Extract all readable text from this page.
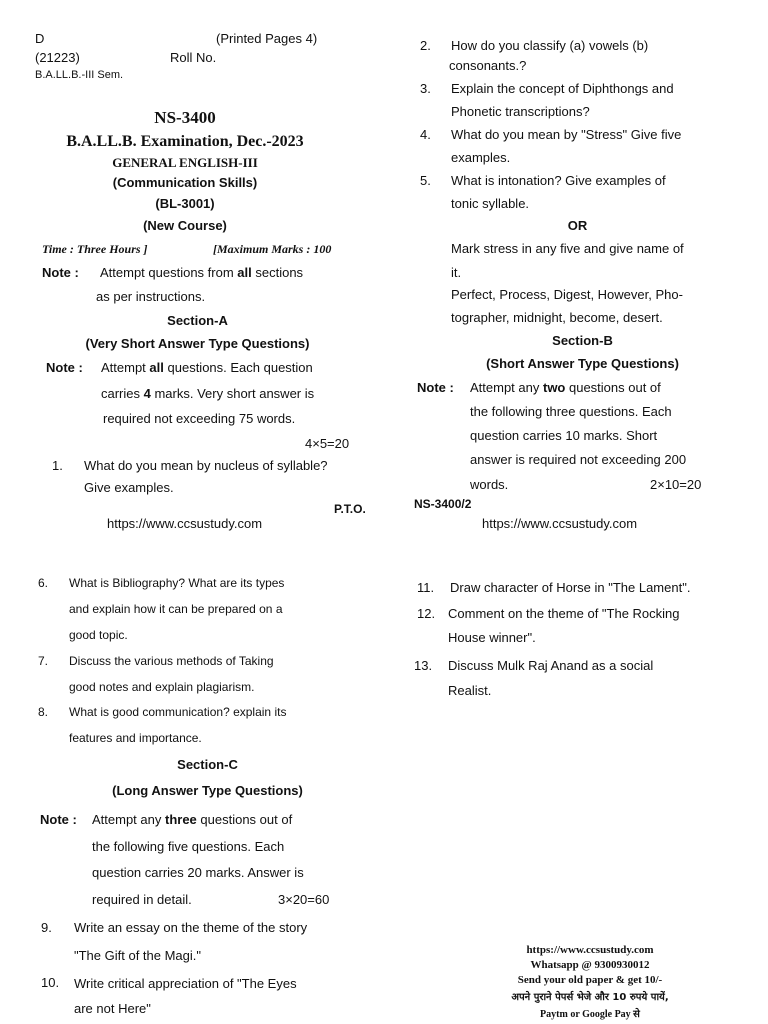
D	(Printed Pages 4)
(21223)	Roll No.
B.A.LL.B.-III Sem.
NS-3400
B.A.LL.B. Examination, Dec.-2023
GENERAL ENGLISH-III
(Communication Skills)
(BL-3001)
(New Course)
Time : Three Hours ]	[Maximum Marks : 100
Note : Attempt questions from all sections
as per instructions.
Section-A
(Very Short Answer Type Questions)
Note : Attempt all questions. Each question
carries 4 marks. Very short answer is
required not exceeding 75 words.
4×5=20
1. What do you mean by nucleus of syllable?
Give examples.
P.T.O.
https://www.ccsustudy.com
2. How do you classify (a) vowels (b)
consonants.?
3. Explain the concept of Diphthongs and
Phonetic transcriptions?
4. What do you mean by "Stress" Give five
examples.
5. What is intonation? Give examples of
tonic syllable.
OR
Mark stress in any five and give name of
it.
Perfect, Process, Digest, However, Pho-
tographer, midnight, become, desert.
Section-B
(Short Answer Type Questions)
Note : Attempt any two questions out of
the following three questions. Each
question carries 10 marks. Short
answer is required not exceeding 200
words.	2×10=20
NS-3400/2
https://www.ccsustudy.com
6. What is Bibliography? What are its types
and explain how it can be prepared on a
good topic.
7. Discuss the various methods of Taking
good notes and explain plagiarism.
8. What is good communication? explain its
features and importance.
Section-C
(Long Answer Type Questions)
Note : Attempt any three questions out of
the following five questions. Each
question carries 20 marks. Answer is
required in detail.	3×20=60
9. Write an essay on the theme of the story
"The Gift of the Magi."
10. Write critical appreciation of "The Eyes
are not Here"
11. Draw character of Horse in "The Lament".
12. Comment on the theme of "The Rocking
House winner".
13. Discuss Mulk Raj Anand as a social
Realist.
https://www.ccsustudy.com
Whatsapp @ 9300930012
Send your old paper & get 10/-
अपने पुराने पेपर्स भेजे और 10 रुपये पायें,
Paytm or Google Pay से
